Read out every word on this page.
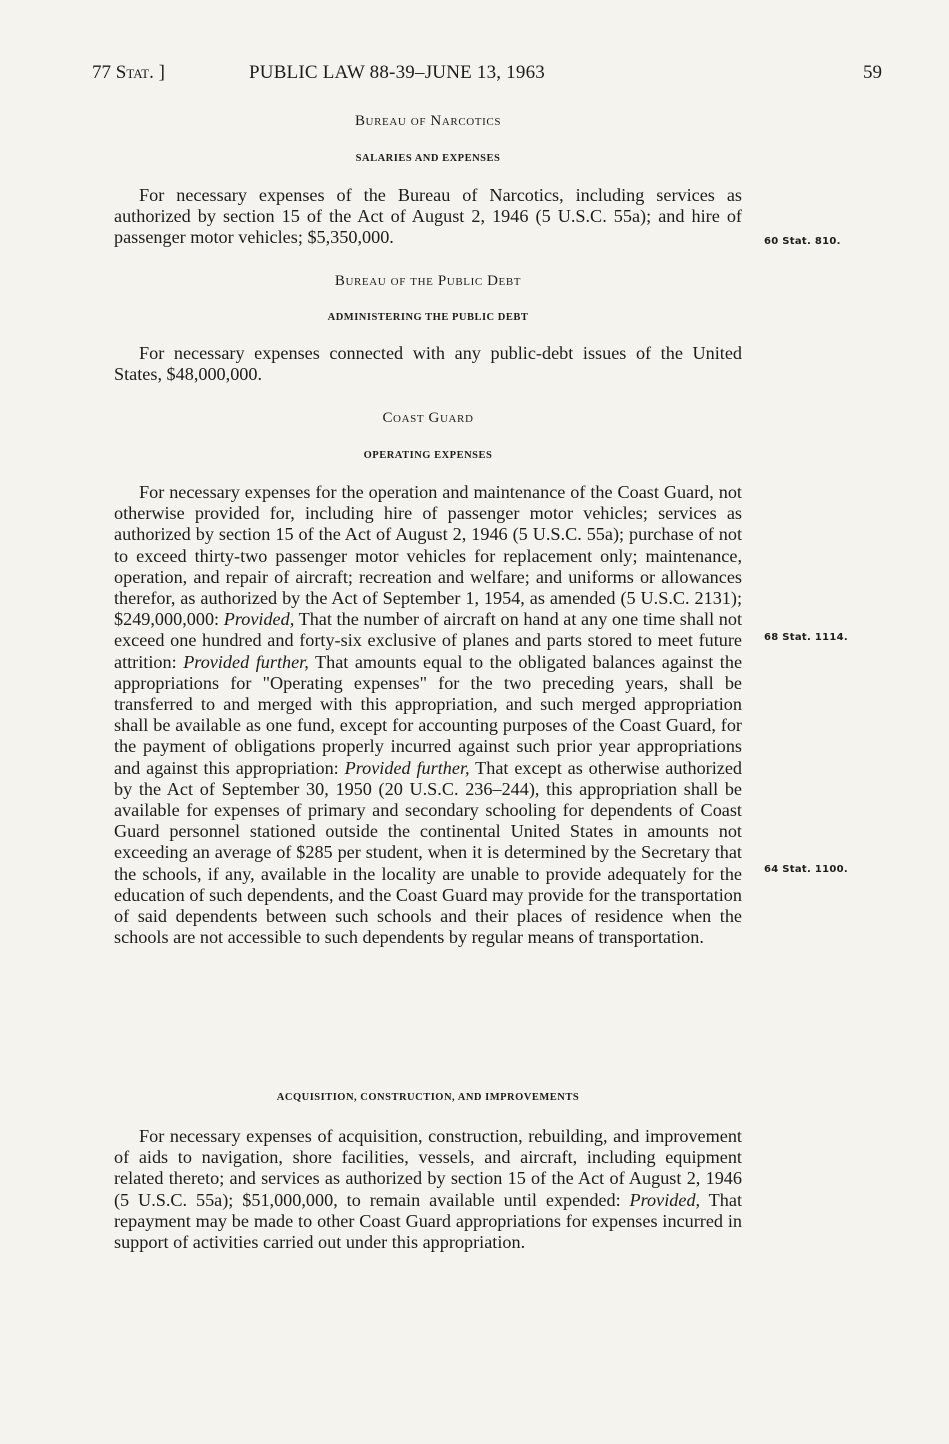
77 Stat. ]	PUBLIC LAW 88-39–JUNE 13, 1963	59
Bureau of Narcotics
SALARIES AND EXPENSES
For necessary expenses of the Bureau of Narcotics, including services as authorized by section 15 of the Act of August 2, 1946 (5 U.S.C. 55a); and hire of passenger motor vehicles; $5,350,000.	60 Stat. 810.
Bureau of the Public Debt
ADMINISTERING THE PUBLIC DEBT
For necessary expenses connected with any public-debt issues of the United States, $48,000,000.
Coast Guard
OPERATING EXPENSES
For necessary expenses for the operation and maintenance of the Coast Guard, not otherwise provided for, including hire of passenger motor vehicles; services as authorized by section 15 of the Act of August 2, 1946 (5 U.S.C. 55a); purchase of not to exceed thirty-two passenger motor vehicles for replacement only; maintenance, operation, and repair of aircraft; recreation and welfare; and uniforms or allowances therefor, as authorized by the Act of September 1, 1954, as amended (5 U.S.C. 2131); $249,000,000: Provided, That the number of aircraft on hand at any one time shall not exceed one hundred and forty-six exclusive of planes and parts stored to meet future attrition: Provided further, That amounts equal to the obligated balances against the appropriations for "Operating expenses" for the two preceding years, shall be transferred to and merged with this appropriation, and such merged appropriation shall be available as one fund, except for accounting purposes of the Coast Guard, for the payment of obligations properly incurred against such prior year appropriations and against this appropriation: Provided further, That except as otherwise authorized by the Act of September 30, 1950 (20 U.S.C. 236–244), this appropriation shall be available for expenses of primary and secondary schooling for dependents of Coast Guard personnel stationed outside the continental United States in amounts not exceeding an average of $285 per student, when it is determined by the Secretary that the schools, if any, available in the locality are unable to provide adequately for the education of such dependents, and the Coast Guard may provide for the transportation of said dependents between such schools and their places of residence when the schools are not accessible to such dependents by regular means of transportation.
68 Stat. 1114.
64 Stat. 1100.
ACQUISITION, CONSTRUCTION, AND IMPROVEMENTS
For necessary expenses of acquisition, construction, rebuilding, and improvement of aids to navigation, shore facilities, vessels, and aircraft, including equipment related thereto; and services as authorized by section 15 of the Act of August 2, 1946 (5 U.S.C. 55a); $51,000,000, to remain available until expended: Provided, That repayment may be made to other Coast Guard appropriations for expenses incurred in support of activities carried out under this appropriation.
